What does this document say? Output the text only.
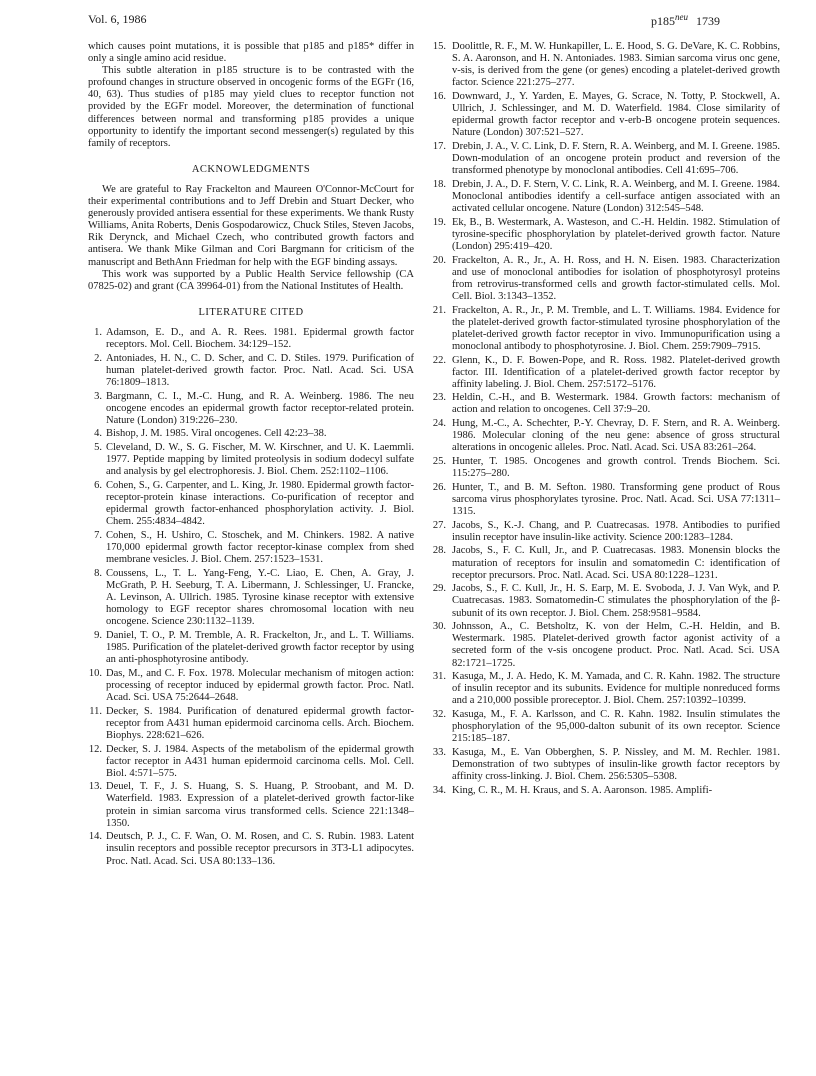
Vol. 6, 1986	$p185^{neu}$ 1739

which causes point mutations, it is possible that p185 and p185* differ in only a single amino acid residue.

This subtle alteration in p185 structure is to be contrasted with the profound changes in structure observed in oncogenic forms of the EGFr (16, 40, 63). Thus studies of p185 may yield clues to receptor function not provided by the EGFr model. Moreover, the determination of functional differences between normal and transforming p185 provides a unique opportunity to identify the important second messenger(s) regulated by this family of receptors.

ACKNOWLEDGMENTS

We are grateful to Ray Frackelton and Maureen O'Connor-McCourt for their experimental contributions and to Jeff Drebin and Stuart Decker, who generously provided antisera essential for these experiments. We thank Rusty Williams, Anita Roberts, Denis Gospodarowicz, Chuck Stiles, Steven Jacobs, Rik Derynck, and Michael Czech, who contributed growth factors and antisera. We thank Mike Gilman and Cori Bargmann for criticism of the manuscript and BethAnn Friedman for help with the EGF binding assays.

This work was supported by a Public Health Service fellowship (CA 07825-02) and grant (CA 39964-01) from the National Institutes of Health.

LITERATURE CITED
1. Adamson, E. D., and A. R. Rees. 1981. Epidermal growth factor receptors. Mol. Cell. Biochem. 34:129–152.
2. Antoniades, H. N., C. D. Scher, and C. D. Stiles. 1979. Purification of human platelet-derived growth factor. Proc. Natl. Acad. Sci. USA 76:1809–1813.
3. Bargmann, C. I., M.-C. Hung, and R. A. Weinberg. 1986. The neu oncogene encodes an epidermal growth factor receptor-related protein. Nature (London) 319:226–230.
4. Bishop, J. M. 1985. Viral oncogenes. Cell 42:23–38.
5. Cleveland, D. W., S. G. Fischer, M. W. Kirschner, and U. K. Laemmli. 1977. Peptide mapping by limited proteolysis in sodium dodecyl sulfate and analysis by gel electrophoresis. J. Biol. Chem. 252:1102–1106.
6. Cohen, S., G. Carpenter, and L. King, Jr. 1980. Epidermal growth factor-receptor-protein kinase interactions. Co-purification of receptor and epidermal growth factor-enhanced phosphorylation activity. J. Biol. Chem. 255:4834–4842.
7. Cohen, S., H. Ushiro, C. Stoschek, and M. Chinkers. 1982. A native 170,000 epidermal growth factor receptor-kinase complex from shed membrane vesicles. J. Biol. Chem. 257:1523–1531.
8. Coussens, L., T. L. Yang-Feng, Y.-C. Liao, E. Chen, A. Gray, J. McGrath, P. H. Seeburg, T. A. Libermann, J. Schlessinger, U. Francke, A. Levinson, A. Ullrich. 1985. Tyrosine kinase receptor with extensive homology to EGF receptor shares chromosomal location with neu oncogene. Science 230:1132–1139.
9. Daniel, T. O., P. M. Tremble, A. R. Frackelton, Jr., and L. T. Williams. 1985. Purification of the platelet-derived growth factor receptor by using an anti-phosphotyrosine antibody.
10. Das, M., and C. F. Fox. 1978. Molecular mechanism of mitogen action: processing of receptor induced by epidermal growth factor. Proc. Natl. Acad. Sci. USA 75:2644–2648.
11. Decker, S. 1984. Purification of denatured epidermal growth factor-receptor from A431 human epidermoid carcinoma cells. Arch. Biochem. Biophys. 228:621–626.
12. Decker, S. J. 1984. Aspects of the metabolism of the epidermal growth factor receptor in A431 human epidermoid carcinoma cells. Mol. Cell. Biol. 4:571–575.
13. Deuel, T. F., J. S. Huang, S. S. Huang, P. Stroobant, and M. D. Waterfield. 1983. Expression of a platelet-derived growth factor-like protein in simian sarcoma virus transformed cells. Science 221:1348–1350.
14. Deutsch, P. J., C. F. Wan, O. M. Rosen, and C. S. Rubin. 1983. Latent insulin receptors and possible receptor precursors in 3T3-L1 adipocytes. Proc. Natl. Acad. Sci. USA 80:133–136.
15. Doolittle, R. F., M. W. Hunkapiller, L. E. Hood, S. G. DeVare, K. C. Robbins, S. A. Aaronson, and H. N. Antoniades. 1983. Simian sarcoma virus onc gene, v-sis, is derived from the gene (or genes) encoding a platelet-derived growth factor. Science 221:275–277.
16. Downward, J., Y. Yarden, E. Mayes, G. Scrace, N. Totty, P. Stockwell, A. Ullrich, J. Schlessinger, and M. D. Waterfield. 1984. Close similarity of epidermal growth factor receptor and v-erb-B oncogene protein sequences. Nature (London) 307:521–527.
17. Drebin, J. A., V. C. Link, D. F. Stern, R. A. Weinberg, and M. I. Greene. 1985. Down-modulation of an oncogene protein product and reversion of the transformed phenotype by monoclonal antibodies. Cell 41:695–706.
18. Drebin, J. A., D. F. Stern, V. C. Link, R. A. Weinberg, and M. I. Greene. 1984. Monoclonal antibodies identify a cell-surface antigen associated with an activated cellular oncogene. Nature (London) 312:545–548.
19. Ek, B., B. Westermark, A. Wasteson, and C.-H. Heldin. 1982. Stimulation of tyrosine-specific phosphorylation by platelet-derived growth factor. Nature (London) 295:419–420.
20. Frackelton, A. R., Jr., A. H. Ross, and H. N. Eisen. 1983. Characterization and use of monoclonal antibodies for isolation of phosphotyrosyl proteins from retrovirus-transformed cells and growth factor-stimulated cells. Mol. Cell. Biol. 3:1343–1352.
21. Frackelton, A. R., Jr., P. M. Tremble, and L. T. Williams. 1984. Evidence for the platelet-derived growth factor-stimulated tyrosine phosphorylation of the platelet-derived growth factor receptor in vivo. Immunopurification using a monoclonal antibody to phosphotyrosine. J. Biol. Chem. 259:7909–7915.
22. Glenn, K., D. F. Bowen-Pope, and R. Ross. 1982. Platelet-derived growth factor. III. Identification of a platelet-derived growth factor receptor by affinity labeling. J. Biol. Chem. 257:5172–5176.
23. Heldin, C.-H., and B. Westermark. 1984. Growth factors: mechanism of action and relation to oncogenes. Cell 37:9–20.
24. Hung, M.-C., A. Schechter, P.-Y. Chevray, D. F. Stern, and R. A. Weinberg. 1986. Molecular cloning of the neu gene: absence of gross structural alterations in oncogenic alleles. Proc. Natl. Acad. Sci. USA 83:261–264.
25. Hunter, T. 1985. Oncogenes and growth control. Trends Biochem. Sci. 115:275–280.
26. Hunter, T., and B. M. Sefton. 1980. Transforming gene product of Rous sarcoma virus phosphorylates tyrosine. Proc. Natl. Acad. Sci. USA 77:1311–1315.
27. Jacobs, S., K.-J. Chang, and P. Cuatrecasas. 1978. Antibodies to purified insulin receptor have insulin-like activity. Science 200:1283–1284.
28. Jacobs, S., F. C. Kull, Jr., and P. Cuatrecasas. 1983. Monensin blocks the maturation of receptors for insulin and somatomedin C: identification of receptor precursors. Proc. Natl. Acad. Sci. USA 80:1228–1231.
29. Jacobs, S., F. C. Kull, Jr., H. S. Earp, M. E. Svoboda, J. J. Van Wyk, and P. Cuatrecasas. 1983. Somatomedin-C stimulates the phosphorylation of the β-subunit of its own receptor. J. Biol. Chem. 258:9581–9584.
30. Johnsson, A., C. Betsholtz, K. von der Helm, C.-H. Heldin, and B. Westermark. 1985. Platelet-derived growth factor agonist activity of a secreted form of the v-sis oncogene product. Proc. Natl. Acad. Sci. USA 82:1721–1725.
31. Kasuga, M., J. A. Hedo, K. M. Yamada, and C. R. Kahn. 1982. The structure of insulin receptor and its subunits. Evidence for multiple nonreduced forms and a 210,000 possible proreceptor. J. Biol. Chem. 257:10392–10399.
32. Kasuga, M., F. A. Karlsson, and C. R. Kahn. 1982. Insulin stimulates the phosphorylation of the 95,000-dalton subunit of its own receptor. Science 215:185–187.
33. Kasuga, M., E. Van Obberghen, S. P. Nissley, and M. M. Rechler. 1981. Demonstration of two subtypes of insulin-like growth factor receptors by affinity cross-linking. J. Biol. Chem. 256:5305–5308.
34. King, C. R., M. H. Kraus, and S. A. Aaronson. 1985. Amplifi-
